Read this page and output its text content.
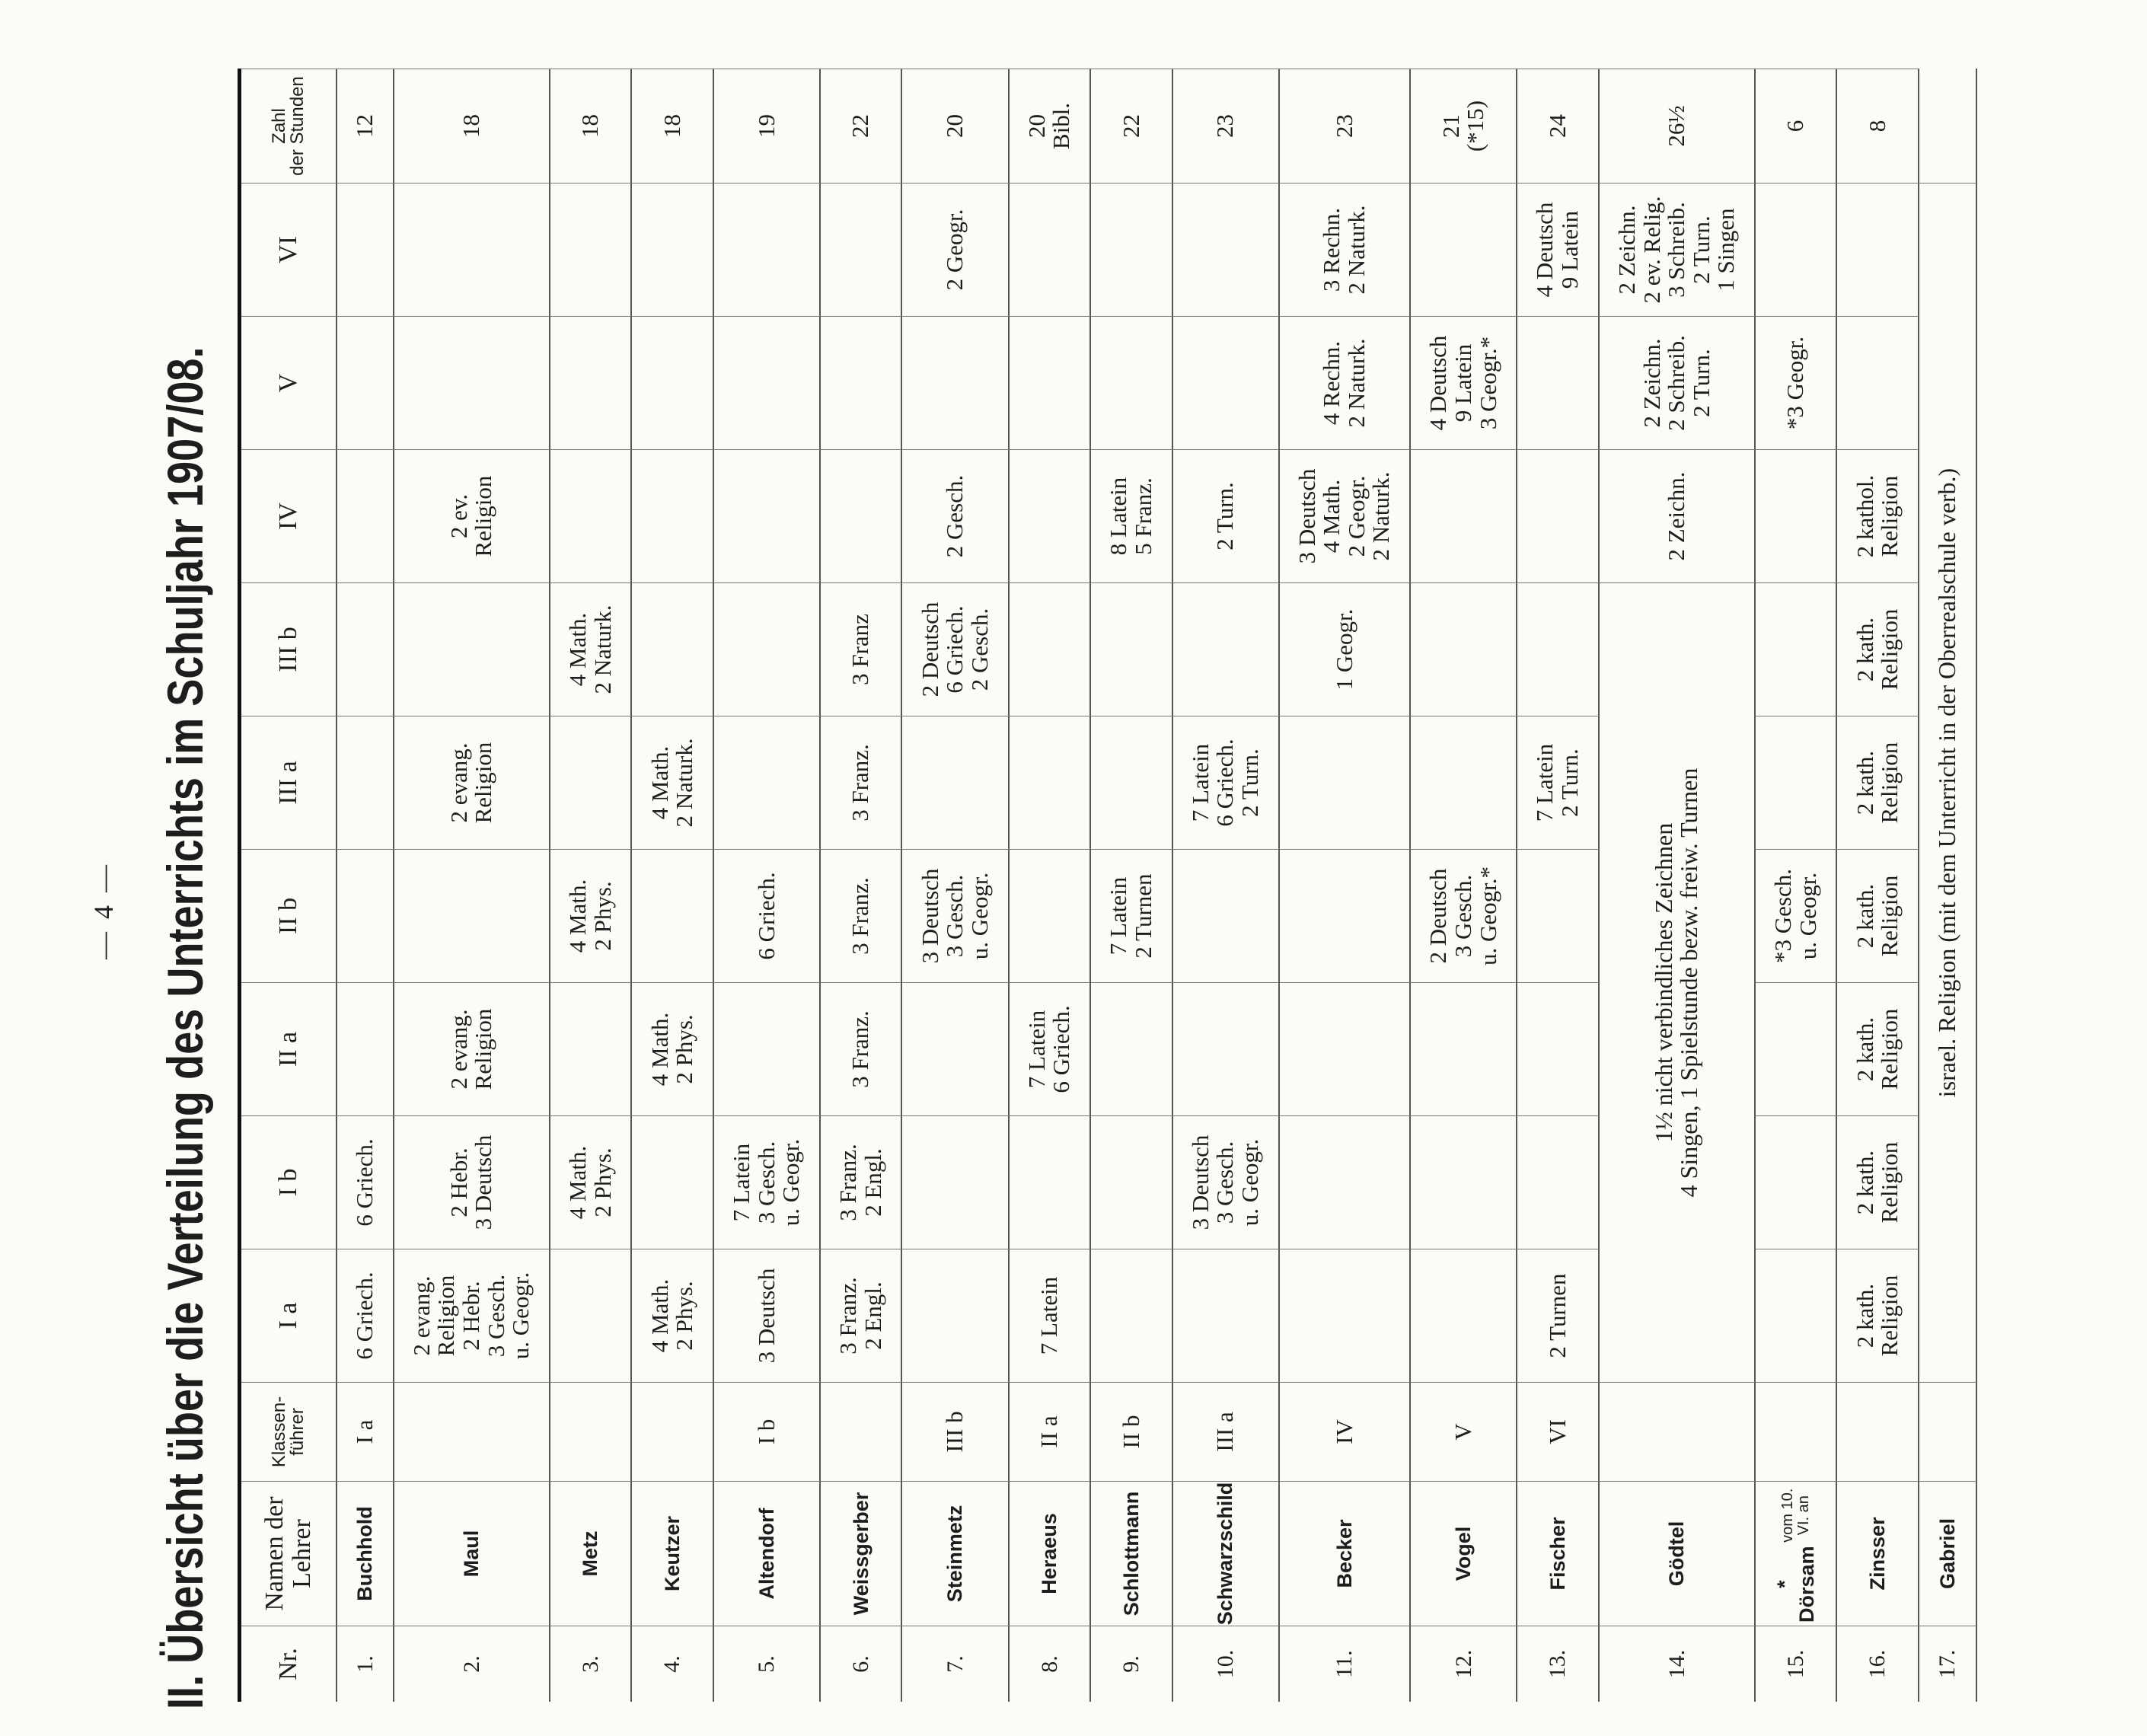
— 4 — II. Übersicht über die Verteilung des Unterrichts im Schuljahr 1907/08.	Nr.
Namen der
Lehrer
Klassen-
führer
I a
I b
II a
II b
III a
III b
IV
V
VI
Zahl
der Stunden
1.
Buchhold
I a
6 Griech.
6 Griech.
12
2.
Maul
2 evang. Religion
2 Hebr.
3 Gesch.
u. Geogr.
2 Hebr.
3 Deutsch
2 evang. Religion
2 evang. Religion
2 ev.
Religion
18
3.
Metz
4 Math.
2 Phys.
4 Math.
2 Phys.
4 Math.
2 Naturk.
18
4.
Keutzer
4 Math.
2 Phys.
4 Math.
2 Phys.
4 Math.
2 Naturk.
18
5.
Altendorf
I b
3 Deutsch
7 Latein
3 Gesch.
u. Geogr.
6 Griech.
19
6.
Weissgerber
3 Franz.
2 Engl.
3 Franz.
2 Engl.
3 Franz.
3 Franz.
3 Franz.
3 Franz
22
7.
Steinmetz
III b
3 Deutsch
3 Gesch.
u. Geogr.
2 Deutsch
6 Griech.
2 Gesch.
2 Gesch.
2 Geogr.
20
8.
Heraeus
II a
7 Latein
7 Latein
6 Griech.
20
Bibl.
9.
Schlottmann
II b
7 Latein
2 Turnen
8 Latein
5 Franz.
22
10.
Schwarzschild
III a
3 Deutsch
3 Gesch.
u. Geogr.
7 Latein
6 Griech.
2 Turn.
2 Turn.
23
11.
Becker
IV
1 Geogr.
3 Deutsch
4 Math.
2 Geogr.
2 Naturk.
4 Rechn.
2 Naturk.
3 Rechn.
2 Naturk.
23
12.
Vogel
V
2 Deutsch
3 Gesch.
u. Geogr.*
4 Deutsch
9 Latein
3 Geogr.*
21
(*15)
13.
Fischer
VI
2 Turnen
7 Latein
2 Turn.
4 Deutsch
9 Latein
24
14.
Gödtel
1½ nicht verbindliches Zeichnen
4 Singen, 1 Spielstunde bezw. freiw. Turnen
2 Zeichn.
2 Zeichn.
2 Schreib.
2 Turn.
2 Zeichn.
2 ev. Relig.
3 Schreib.
2 Turn.
1 Singen
26½
15.
* Dörsam
vom 10. VI. an
*3 Gesch.
u. Geogr.
*3 Geogr.
6
16.
Zinsser
2 kath. Religion
2 kath. Religion
2 kath. Religion
2 kath. Religion
2 kath. Religion
2 kath. Religion
2 kathol. Religion
8
17.
Gabriel
israel. Religion (mit dem Unterricht in der Oberrealschule verb.)
